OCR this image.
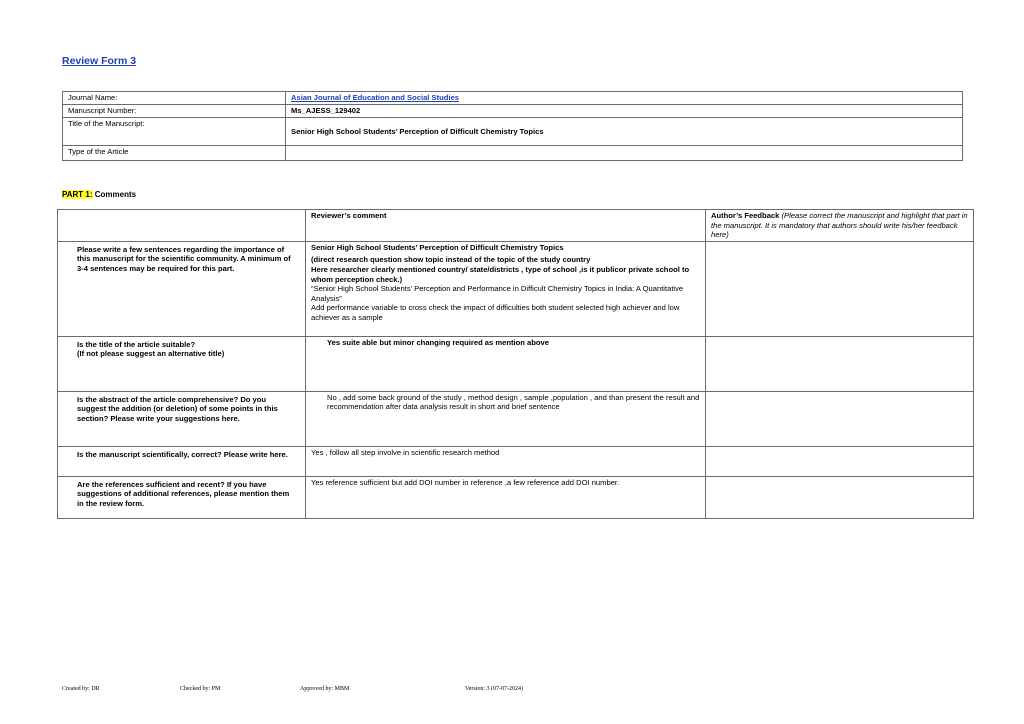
Review Form 3
Journal Name:	Asian Journal of Education and Social Studies
Manuscript Number:	Ms_AJESS_129402
Title of the Manuscript:	Senior High School Students’ Perception of Difficult Chemistry Topics
Type of the Article	
PART 1: Comments
	Reviewer’s comment	Author’s Feedback (Please correct the manuscript and highlight that part in the manuscript. It is mandatory that authors should write his/her feedback here)
Please write a few sentences regarding the importance of this manuscript for the scientific community. A minimum of 3-4 sentences may be required for this part.	Senior High School Students’ Perception of Difficult Chemistry Topics
(direct research question show topic instead of the topic of the study country
Here researcher clearly mentioned country/ state/districts , type of school ,is it publicor private school to whom perception check.)
“Senior High School Students’ Perception and Performance in Difficult Chemistry Topics in India: A Quantitative Analysis”
Add performance variable to cross check the impact of difficulties both student selected high achiever and low achiever as a sample	

Is the title of the article suitable?
(If not please suggest an alternative title)	Yes suite able but minor changing required as mention above	

Is the abstract of the article comprehensive? Do you suggest the addition (or deletion) of some points in this section? Please write your suggestions here.	No , add some back ground of the study , method design , sample ,population , and than present the result and recommendation after data analysis result in short and brief sentence	

Is the manuscript scientifically, correct? Please write here.	Yes , follow all step involve in scientific research method	
Are the references sufficient and recent? If you have suggestions of additional references, please mention them in the review form.	Yes reference sufficient but add DOI number in reference ,a few reference add DOI number.	
Created by: DR	Checked by: PM	Approved by: MBM	Version: 3 (07-07-2024)
